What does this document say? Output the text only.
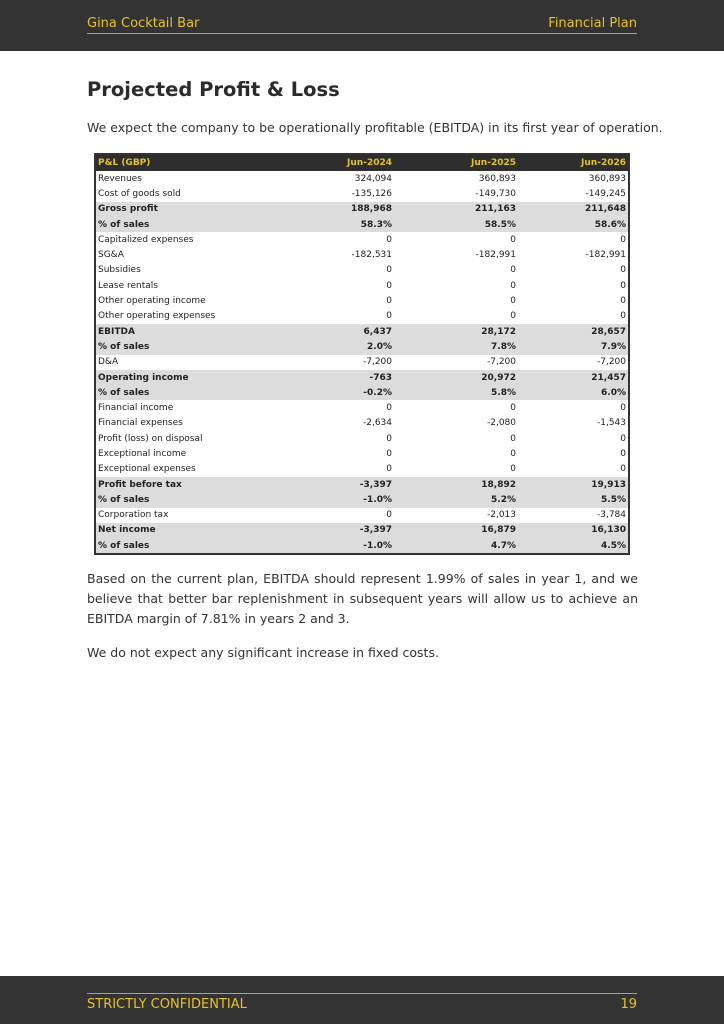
Gina Cocktail Bar	Financial Plan
Projected Profit & Loss

We expect the company to be operationally profitable (EBITDA) in its first year of operation.

P&L (GBP)	Jun-2024	Jun-2025	Jun-2026
Revenues	324,094	360,893	360,893
Cost of goods sold	-135,126	-149,730	-149,245
Gross profit	188,968	211,163	211,648
% of sales	58.3%	58.5%	58.6%
Capitalized expenses	0	0	0
SG&A	-182,531	-182,991	-182,991
Subsidies	0	0	0
Lease rentals	0	0	0
Other operating income	0	0	0
Other operating expenses	0	0	0
EBITDA	6,437	28,172	28,657
% of sales	2.0%	7.8%	7.9%
D&A	-7,200	-7,200	-7,200
Operating income	-763	20,972	21,457
% of sales	-0.2%	5.8%	6.0%
Financial income	0	0	0
Financial expenses	-2,634	-2,080	-1,543
Profit (loss) on disposal	0	0	0
Exceptional income	0	0	0
Exceptional expenses	0	0	0
Profit before tax	-3,397	18,892	19,913
% of sales	-1.0%	5.2%	5.5%
Corporation tax	0	-2,013	-3,784
Net income	-3,397	16,879	16,130
% of sales	-1.0%	4.7%	4.5%

Based on the current plan, EBITDA should represent 1.99% of sales in year 1, and we believe that better bar replenishment in subsequent years will allow us to achieve an EBITDA margin of 7.81% in years 2 and 3.

We do not expect any significant increase in fixed costs.

STRICTLY CONFIDENTIAL	19
